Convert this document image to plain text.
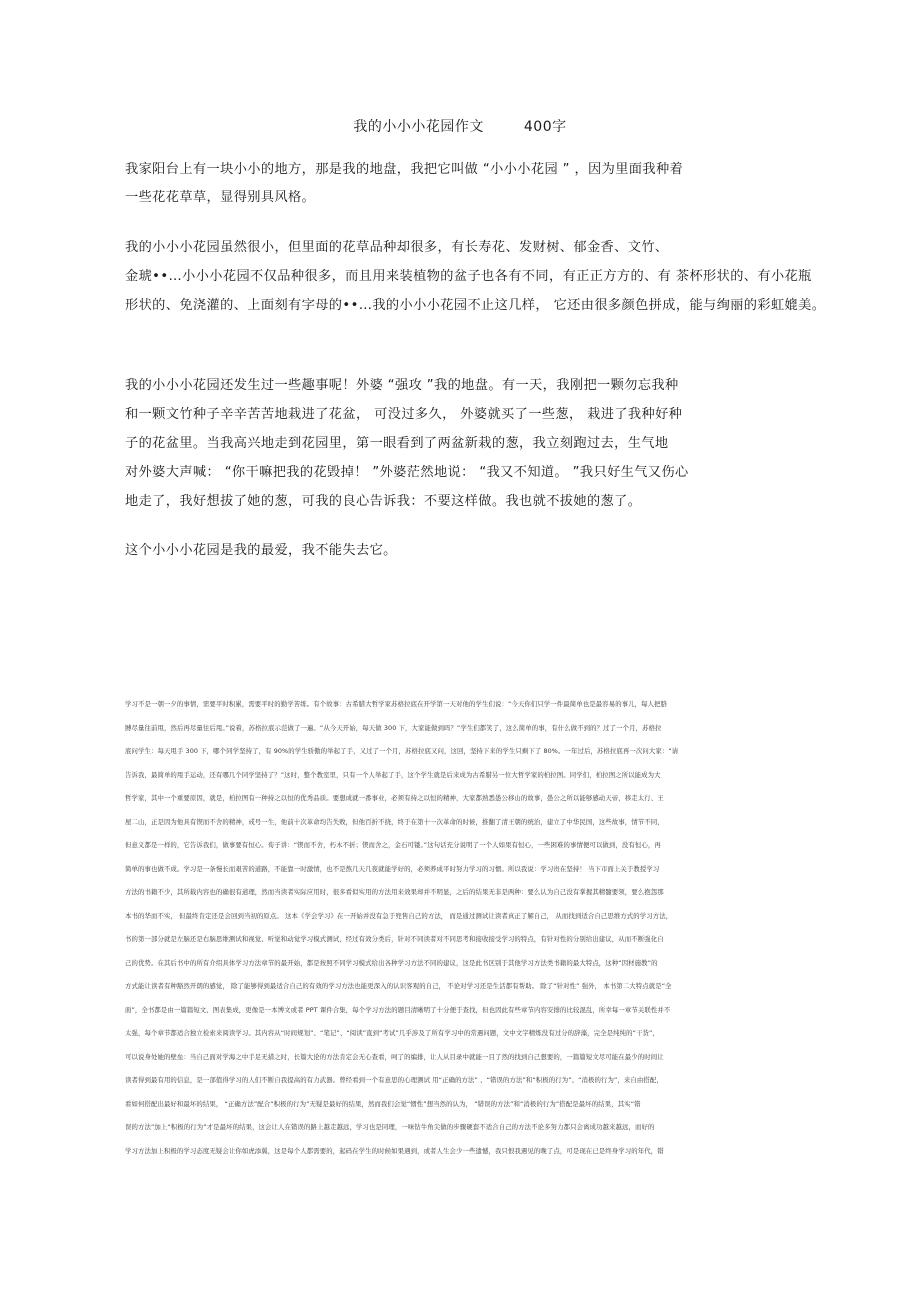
我的小小小花园作文	400字
我家阳台上有一块小小的地方，那是我的地盘，我把它叫做 “小小小花园 ” ，因为里面我种着
一些花花草草，显得别具风格。
我的小小小花园虽然很小，但里面的花草品种却很多，有长寿花、发财树、郁金香、文竹、
金琥••…小小小花园不仅品种很多，而且用来装植物的盆子也各有不同，有正正方方的、有 茶杯形状的、有小花瓶
形状的、免浇灌的、上面刻有字母的••…我的小小小花园不止这几样， 它还由很多颜色拼成，能与绚丽的彩虹媲美。
我的小小小花园还发生过一些趣事呢！外婆 “强攻 ”我的地盘。有一天，我刚把一颗勿忘我种
和一颗文竹种子辛辛苦苦地栽进了花盆， 可没过多久， 外婆就买了一些葱， 栽进了我种好种
子的花盆里。当我高兴地走到花园里，第一眼看到了两盆新栽的葱，我立刻跑过去，生气地
对外婆大声喊： “你干嘛把我的花毁掉！ ”外婆茫然地说： “我又不知道。 ”我只好生气又伤心
地走了，我好想拔了她的葱，可我的良心告诉我：不要这样做。我也就不拔她的葱了。
这个小小小花园是我的最爱，我不能失去它。
学习不是一朝一夕的事情，需要平时积累，需要平时的勤学苦练。有个故事：古希腊大哲学家苏格拉底在开学第一天对他的学生们说：“今天你们只学一件最简单也是最容易的事儿，每人把胳
膊尽量往前甩，然后再尽量往后甩。”说着，苏格拉底示范做了一遍。“从今天开始，每天做 300 下，大家能做到吗？”学生们都笑了，这么简单的事，有什么做不到的？过了一个月，苏格拉
底问学生：每天甩手 300 下，哪个同学坚持了，有 90%的学生骄傲的举起了手，又过了一个月，苏格拉底又问，这回，坚持下来的学生只剩下了 80%。一年过后，苏格拉底再一次问大家：“请
告诉我，最简单的甩手运动，还有哪几个同学坚持了？”这时，整个教室里，只有一个人举起了手，这个学生就是后来成为古希腊另一位大哲学家的柏拉图。同学们，柏拉图之所以能成为大
哲学家，其中一个重要原因，就是，柏拉图有一种持之以恒的优秀品质。要想成就一番事业，必须有持之以恒的精神，大家都熟悉愚公移山的故事，愚公之所以能够感动天帝，移走太行、王
屋二山，正是因为他具有锲而不舍的精神，戒号一生，他前十次革命均告失败，但他百折不挠，终于在第十一次革命的时候，推翻了清王朝的统治，建立了中华民国，这些故事，情节不同，
但意义都是一样的，它告诉我们，做事要有恒心。荀子讲：“锲而不舍，朽木不折；锲而舍之，金石可镂。”这句话充分说明了一个人如果有恒心，一些困难的事情便可以做到，没有恒心，再
简单的事也做不成。学习是一条慢长而艰苦的道路，不能靠一时激情，也不是熬几天几夜就能学好的，必须养成平时努力学习的习惯。所以我说：学习贵在坚持！ 当下市面上关于教授学习
方法的书籍不少，其所载内容也的确很有道理，然而当读者实际应用时，很多看似实用的方法用来效果却并不明显，之后的结果无非是两种：要么认为自己没有掌握其精髓要领，要么抱怨那
本书的华而不实， 但最终肯定还是会回到当初的原点。 这本《学会学习》在一开始并没有急于兜售自己的方法， 而是通过测试让读者真正了解自己， 从而找到适合自己思维方式的学习方法，
书的第一部分就是左脑还是右脑思维测试和视觉、听觉和动觉学习模式测试，经过有效分类后，针对不同读者对不同思考和接收接受学习的特点，有针对性的分别给出建议，从而不断强化自
己的优势。在其后书中的所有介绍具体学习方法章节的最开始，都是按照不同学习模式给出各种学习方法不同的建议，这是此书区别于其他学习方法类书籍的最大特点，这种“因材施教”的
方式能让读者有种豁然开朗的感觉， 除了能够得到最适合自己的有效的学习方法也能更深入的认识客观的自己， 不论对学习还是生活都有帮助。 除了“针对性” 强外， 本书第二大特点就是“全
面”，全书都是由一篇篇短文、图表集成，更像是一本博文或者 PPT 课件合集，每个学习方法的题目清晰明了十分便于查找，但也因此有些章节内容安排的比较混乱，所幸每一章节关联性并不
太强，每个章节都适合独立检索来阅读学习。其内容从“时间规划”、“笔记”、“阅读”直到“考试”几乎涉及了所有学习中的常遇问题，文中文字精炼没有过分的辞藻，完全是纯纯的“干货”，
可以说身处她的壁垒：当自己面对学海之中手足无措之时，长篇大论的方法肯定会无心查看，呵了的编排，让人从目录中就能一目了然的找到自己想要的，一篇篇短文尽可能在最少的时间让
读者得到最有用的信息，是一部值得学习的人们不断自我提高的有力武器。曾经看到一个有意思的心理测试 用“正确的方法” 、“错误的方法”和“积极的行为”、“消极的行为”，来自由搭配，
看如何搭配出最好和最坏的结果， “正确方法”配合“积极的行为”无疑是最好的结果，然而我们会觉“惯性”想当然的认为， “错误的方法”和“消极的行为”搭配是最坏的结果，其实“错
误的方法”加上“积极的行为”才是最坏的结果，这会让人在错误的路上越走越远，学习也是同理，一味钻牛角尖做的步骤硬套不适合自己的方法不论多努力都只会离成功越来越远，而好的
学习方法加上积极的学习态度无疑会让你如虎添翼，这是每个人都需要的，起码在学生的时候如果遇到，或者人生会少一些遗憾，我只恨我遇见的晚了点，可是现在已是终身学习的年代，错
